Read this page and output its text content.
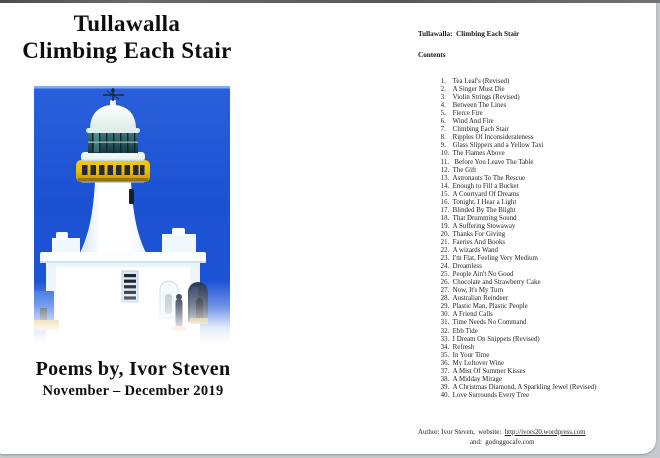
Tullawalla
Climbing Each Stair
Poems by, Ivor Steven
November – December 2019
Tullawalla:  Climbing Each Stair
Contents

1. Tea Leaf's (Revised)

2. A Singer Must Die

3. Violin Strings (Revised)

4. Between The Lines

5. Fierce Fire

6. Wind And Fire

7. Climbing Each Stair

8. Ripples Of Inconsiderateness

9. Glass Slippers and a Yellow Taxi

10. The Flames Above

11. Before You Leave The Table

12. The Gift

13. Astronauts To The Rescue

14. Enough to Fill a Bucket

15. A Courtyard Of Dreams

16. Tonight, I Hear a Light

17. Blinded By The Blight

18. That Drumming Sound

19. A Suffering Stowaway

20. Thanks For Giving

21. Faeries And Books

22. A wizards Wand

23. I'm Flat, Feeling Very Medium

24. Dreamless

25. People Ain't No Good

26. Chocolate and Strawberry Cake

27. Now, It's My Turn

28. Australian Reindeer

29. Plastic Man, Plastic People

30. A Friend Calls

31. Time Needs No Command

32. Ebb Tide

33. I Dream On Snippets (Revised)

34. Refresh

35. In Your Time

36. My Leftover Wine

37. A Mist Of Summer Kisses

38. A Midday Mirage

39. A Christmas Diamond, A Sparkling Jewel (Revised)

40. Love Surrounds Every Tree

Author: Ivor Steven,  website:  http://ivors20.wordpress.com
and:  godoggocafe.com
